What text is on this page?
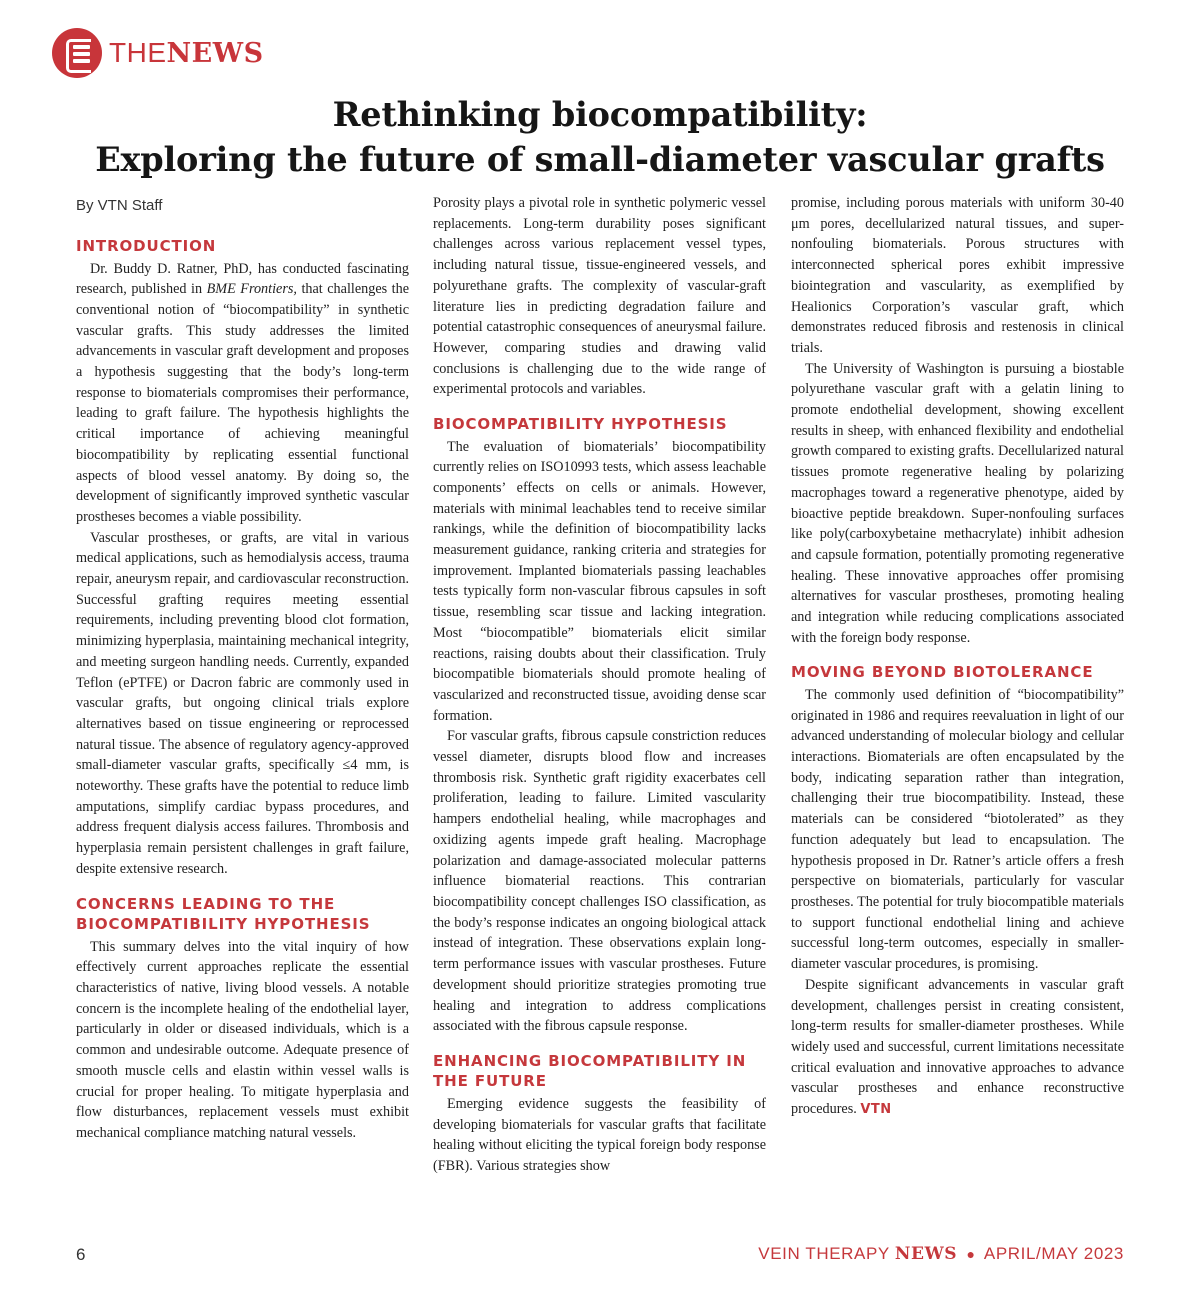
THENEWS
Rethinking biocompatibility:
Exploring the future of small-diameter vascular grafts
By VTN Staff
INTRODUCTION

Dr. Buddy D. Ratner, PhD, has conducted fascinating research, published in BME Frontiers, that challenges the conventional notion of “biocompatibility” in synthetic vascular grafts. This study addresses the limited advancements in vascular graft development and proposes a hypothesis suggesting that the body’s long-term response to biomaterials compromises their performance, leading to graft failure. The hypothesis highlights the critical importance of achieving meaningful biocompatibility by replicating essential functional aspects of blood vessel anatomy. By doing so, the development of significantly improved synthetic vascular prostheses becomes a viable possibility.

Vascular prostheses, or grafts, are vital in various medical applications, such as hemodialysis access, trauma repair, aneurysm repair, and cardiovascular reconstruction. Successful grafting requires meeting essential requirements, including preventing blood clot formation, minimizing hyperplasia, maintaining mechanical integrity, and meeting surgeon handling needs. Currently, expanded Teflon (ePTFE) or Dacron fabric are commonly used in vascular grafts, but ongoing clinical trials explore alternatives based on tissue engineering or reprocessed natural tissue. The absence of regulatory agency-approved small-diameter vascular grafts, specifically ≤4 mm, is noteworthy. These grafts have the potential to reduce limb amputations, simplify cardiac bypass procedures, and address frequent dialysis access failures. Thrombosis and hyperplasia remain persistent challenges in graft failure, despite extensive research.

CONCERNS LEADING TO THE BIOCOMPATIBILITY HYPOTHESIS

This summary delves into the vital inquiry of how effectively current approaches replicate the essential characteristics of native, living blood vessels. A notable concern is the incomplete healing of the endothelial layer, particularly in older or diseased individuals, which is a common and undesirable outcome. Adequate presence of smooth muscle cells and elastin within vessel walls is crucial for proper healing. To mitigate hyperplasia and flow disturbances, replacement vessels must exhibit mechanical compliance matching natural vessels.

Porosity plays a pivotal role in synthetic polymeric vessel replacements. Long-term durability poses significant challenges across various replacement vessel types, including natural tissue, tissue-engineered vessels, and polyurethane grafts. The complexity of vascular-graft literature lies in predicting degradation failure and potential catastrophic consequences of aneurysmal failure. However, comparing studies and drawing valid conclusions is challenging due to the wide range of experimental protocols and variables.

BIOCOMPATIBILITY HYPOTHESIS

The evaluation of biomaterials’ biocompatibility currently relies on ISO10993 tests, which assess leachable components’ effects on cells or animals. However, materials with minimal leachables tend to receive similar rankings, while the definition of biocompatibility lacks measurement guidance, ranking criteria and strategies for improvement. Implanted biomaterials passing leachables tests typically form non-vascular fibrous capsules in soft tissue, resembling scar tissue and lacking integration. Most “biocompatible” biomaterials elicit similar reactions, raising doubts about their classification. Truly biocompatible biomaterials should promote healing of vascularized and reconstructed tissue, avoiding dense scar formation.

For vascular grafts, fibrous capsule constriction reduces vessel diameter, disrupts blood flow and increases thrombosis risk. Synthetic graft rigidity exacerbates cell proliferation, leading to failure. Limited vascularity hampers endothelial healing, while macrophages and oxidizing agents impede graft healing. Macrophage polarization and damage-associated molecular patterns influence biomaterial reactions. This contrarian biocompatibility concept challenges ISO classification, as the body’s response indicates an ongoing biological attack instead of integration. These observations explain long-term performance issues with vascular prostheses. Future development should prioritize strategies promoting true healing and integration to address complications associated with the fibrous capsule response.

ENHANCING BIOCOMPATIBILITY IN THE FUTURE

Emerging evidence suggests the feasibility of developing biomaterials for vascular grafts that facilitate healing without eliciting the typical foreign body response (FBR). Various strategies show

promise, including porous materials with uniform 30-40 μm pores, decellularized natural tissues, and super-nonfouling biomaterials. Porous structures with interconnected spherical pores exhibit impressive biointegration and vascularity, as exemplified by Healionics Corporation’s vascular graft, which demonstrates reduced fibrosis and restenosis in clinical trials.

The University of Washington is pursuing a biostable polyurethane vascular graft with a gelatin lining to promote endothelial development, showing excellent results in sheep, with enhanced flexibility and endothelial growth compared to existing grafts. Decellularized natural tissues promote regenerative healing by polarizing macrophages toward a regenerative phenotype, aided by bioactive peptide breakdown. Super-nonfouling surfaces like poly(carboxybetaine methacrylate) inhibit adhesion and capsule formation, potentially promoting regenerative healing. These innovative approaches offer promising alternatives for vascular prostheses, promoting healing and integration while reducing complications associated with the foreign body response.

MOVING BEYOND BIOTOLERANCE

The commonly used definition of “biocompatibility” originated in 1986 and requires reevaluation in light of our advanced understanding of molecular biology and cellular interactions. Biomaterials are often encapsulated by the body, indicating separation rather than integration, challenging their true biocompatibility. Instead, these materials can be considered “biotolerated” as they function adequately but lead to encapsulation. The hypothesis proposed in Dr. Ratner’s article offers a fresh perspective on biomaterials, particularly for vascular prostheses. The potential for truly biocompatible materials to support functional endothelial lining and achieve successful long-term outcomes, especially in smaller-diameter vascular procedures, is promising.

Despite significant advancements in vascular graft development, challenges persist in creating consistent, long-term results for smaller-diameter prostheses. While widely used and successful, current limitations necessitate critical evaluation and innovative approaches to advance vascular prostheses and enhance reconstructive procedures. VTN

6	VEIN THERAPY NEWS ● APRIL/MAY 2023
